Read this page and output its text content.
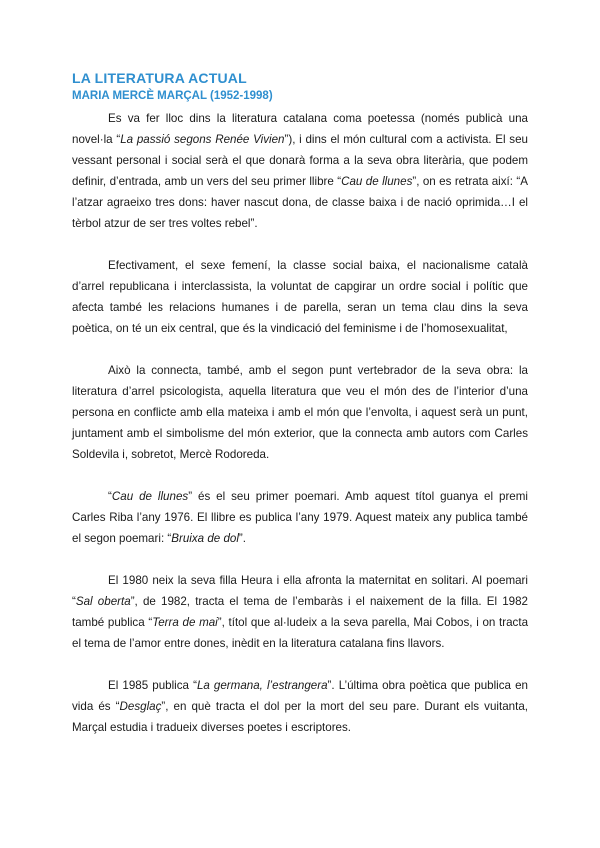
LA LITERATURA ACTUAL
MARIA MERCÈ MARÇAL (1952-1998)

Es va fer lloc dins la literatura catalana coma poetessa (només publicà una novel·la “La passió segons Renée Vivien”), i dins el món cultural com a activista. El seu vessant personal i social serà el que donarà forma a la seva obra literària, que podem definir, d’entrada, amb un vers del seu primer llibre “Cau de llunes”, on es retrata així: “A l’atzar agraeixo tres dons: haver nascut dona, de classe baixa i de nació oprimida…I el tèrbol atzur de ser tres voltes rebel”.

Efectivament, el sexe femení, la classe social baixa, el nacionalisme català d’arrel republicana i interclassista, la voluntat de capgirar un ordre social i polític que afecta també les relacions humanes i de parella, seran un tema clau dins la seva poètica, on té un eix central, que és la vindicació del feminisme i de l’homosexualitat,

Això la connecta, també, amb el segon punt vertebrador de la seva obra: la literatura d’arrel psicologista, aquella literatura que veu el món des de l’interior d’una persona en conflicte amb ella mateixa i amb el món que l’envolta, i aquest serà un punt, juntament amb el simbolisme del món exterior, que la connecta amb autors com Carles Soldevila i, sobretot, Mercè Rodoreda.

“Cau de llunes” és el seu primer poemari. Amb aquest títol guanya el premi Carles Riba l’any 1976. El llibre es publica l’any 1979. Aquest mateix any publica també el segon poemari: “Bruixa de dol”.

El 1980 neix la seva filla Heura i ella afronta la maternitat en solitari. Al poemari “Sal oberta”, de 1982, tracta el tema de l’embaràs i el naixement de la filla. El 1982 també publica “Terra de mai”, títol que al·ludeix a la seva parella, Mai Cobos, i on tracta el tema de l’amor entre dones, inèdit en la literatura catalana fins llavors.

El 1985 publica “La germana, l’estrangera”. L’última obra poètica que publica en vida és “Desglaç”, en què tracta el dol per la mort del seu pare. Durant els vuitanta, Marçal estudia i tradueix diverses poetes i escriptores.
